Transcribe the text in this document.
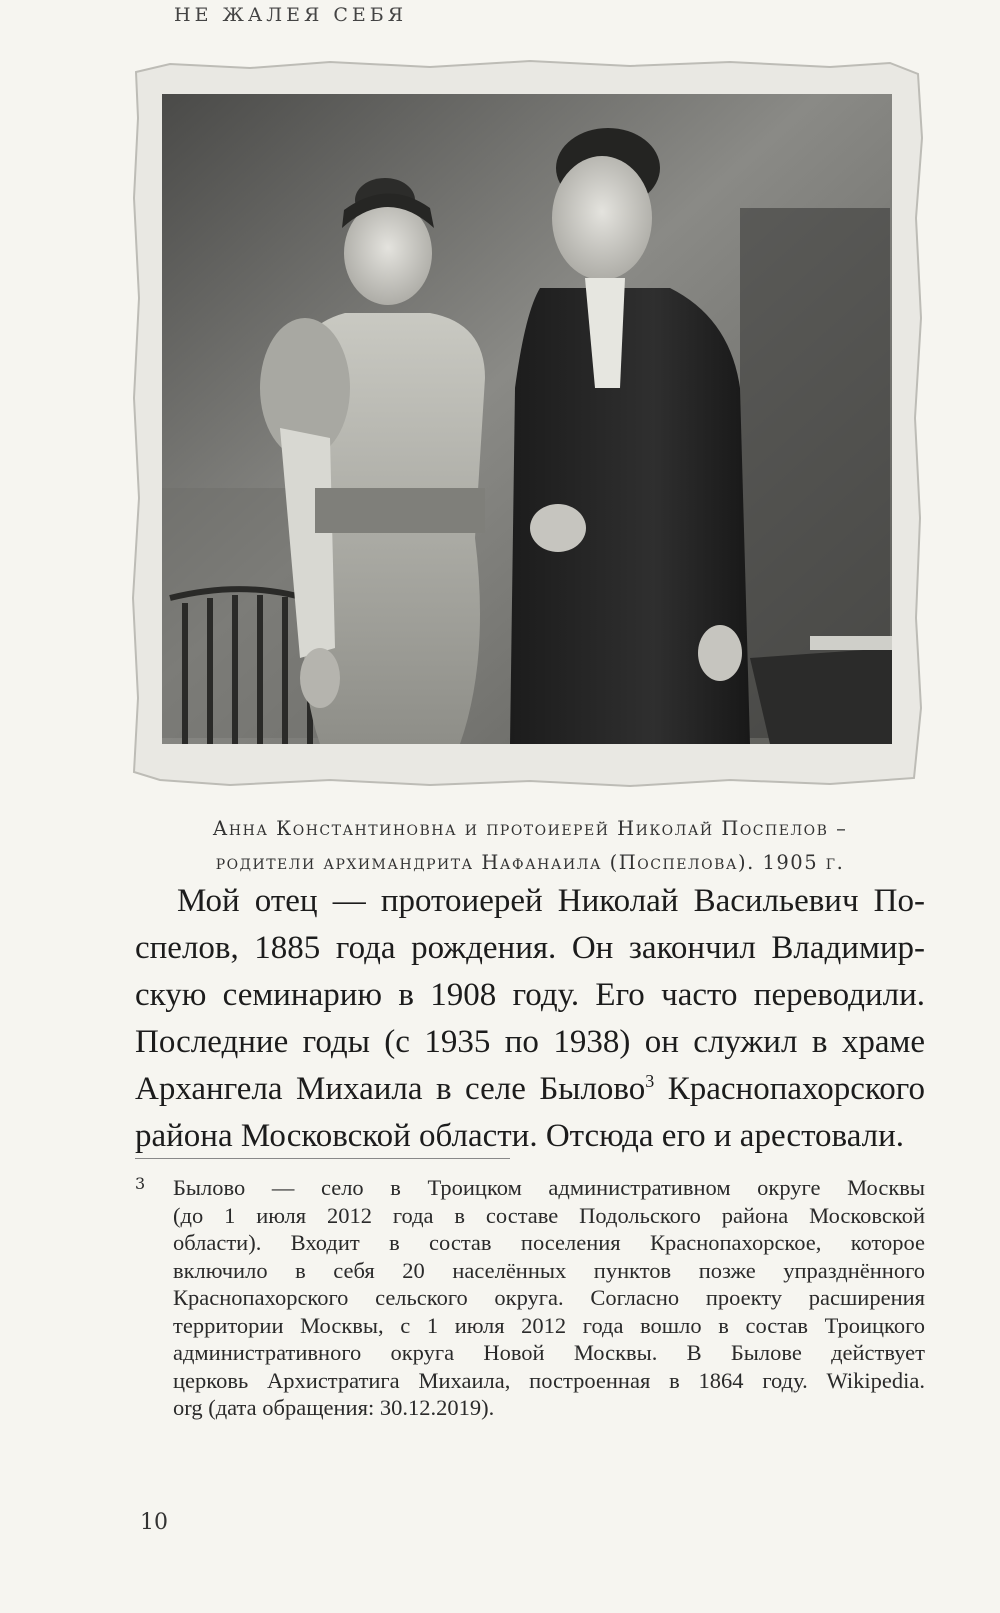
НЕ ЖАЛЕЯ СЕБЯ
Анна Константиновна и протоиерей Николай Поспелов –
родители архимандрита Нафанаила (Поспелова). 1905 г.
Мой отец — протоиерей Николай Васильевич По-
спелов, 1885 года рождения. Он закончил Владимир-
скую семинарию в 1908 году. Его часто переводили.
Последние годы (с 1935 по 1938) он служил в храме
Архангела Михаила в селе Былово$^3$ Краснопахорского
района Московской области. Отсюда его и арестовали.
3 Былово — село в Троицком административном округе Москвы
(до 1 июля 2012 года в составе Подольского района Московской
области). Входит в состав поселения Краснопахорское, которое
включило в себя 20 населённых пунктов позже упразднённого
Краснопахорского сельского округа. Согласно проекту расширения
территории Москвы, с 1 июля 2012 года вошло в состав Троицкого
административного округа Новой Москвы. В Былове действует
церковь Архистратига Михаила, построенная в 1864 году. Wikipedia.
org (дата обращения: 30.12.2019).
10
